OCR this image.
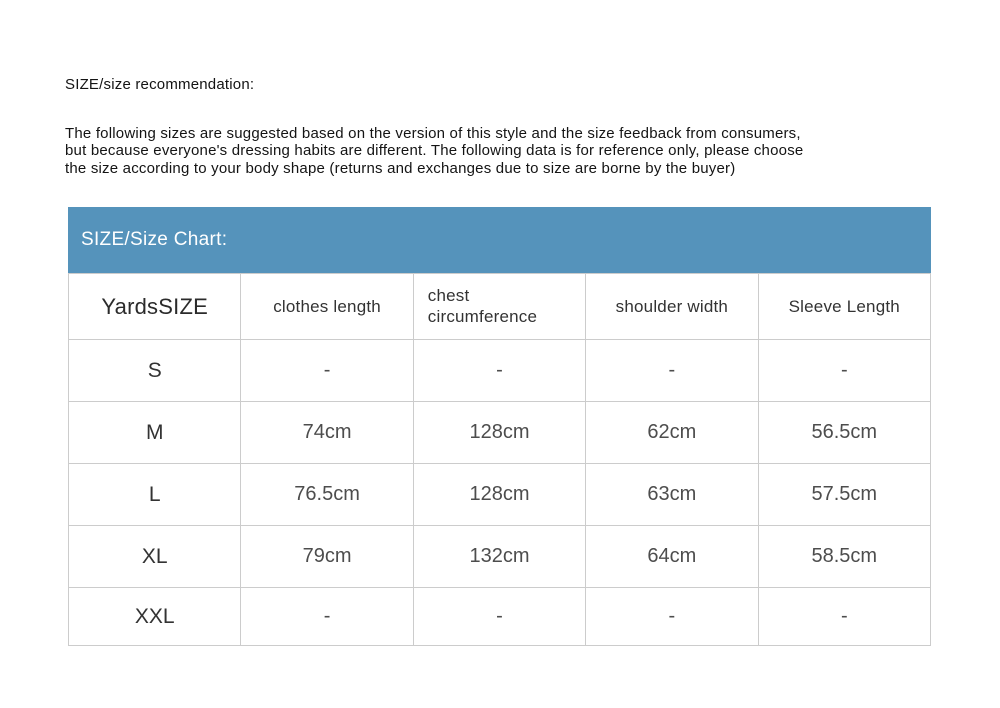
SIZE/size recommendation:
The following sizes are suggested based on the version of this style and the size feedback from consumers,
but because everyone's dressing habits are different. The following data is for reference only, please choose
the size according to your body shape (returns and exchanges due to size are borne by the buyer)
SIZE/Size Chart:
YardsSIZE	clothes length	chest circumference	shoulder width	Sleeve Length
S	-	-	-	-
M	74cm	128cm	62cm	56.5cm
L	76.5cm	128cm	63cm	57.5cm
XL	79cm	132cm	64cm	58.5cm
XXL	-	-	-	-
